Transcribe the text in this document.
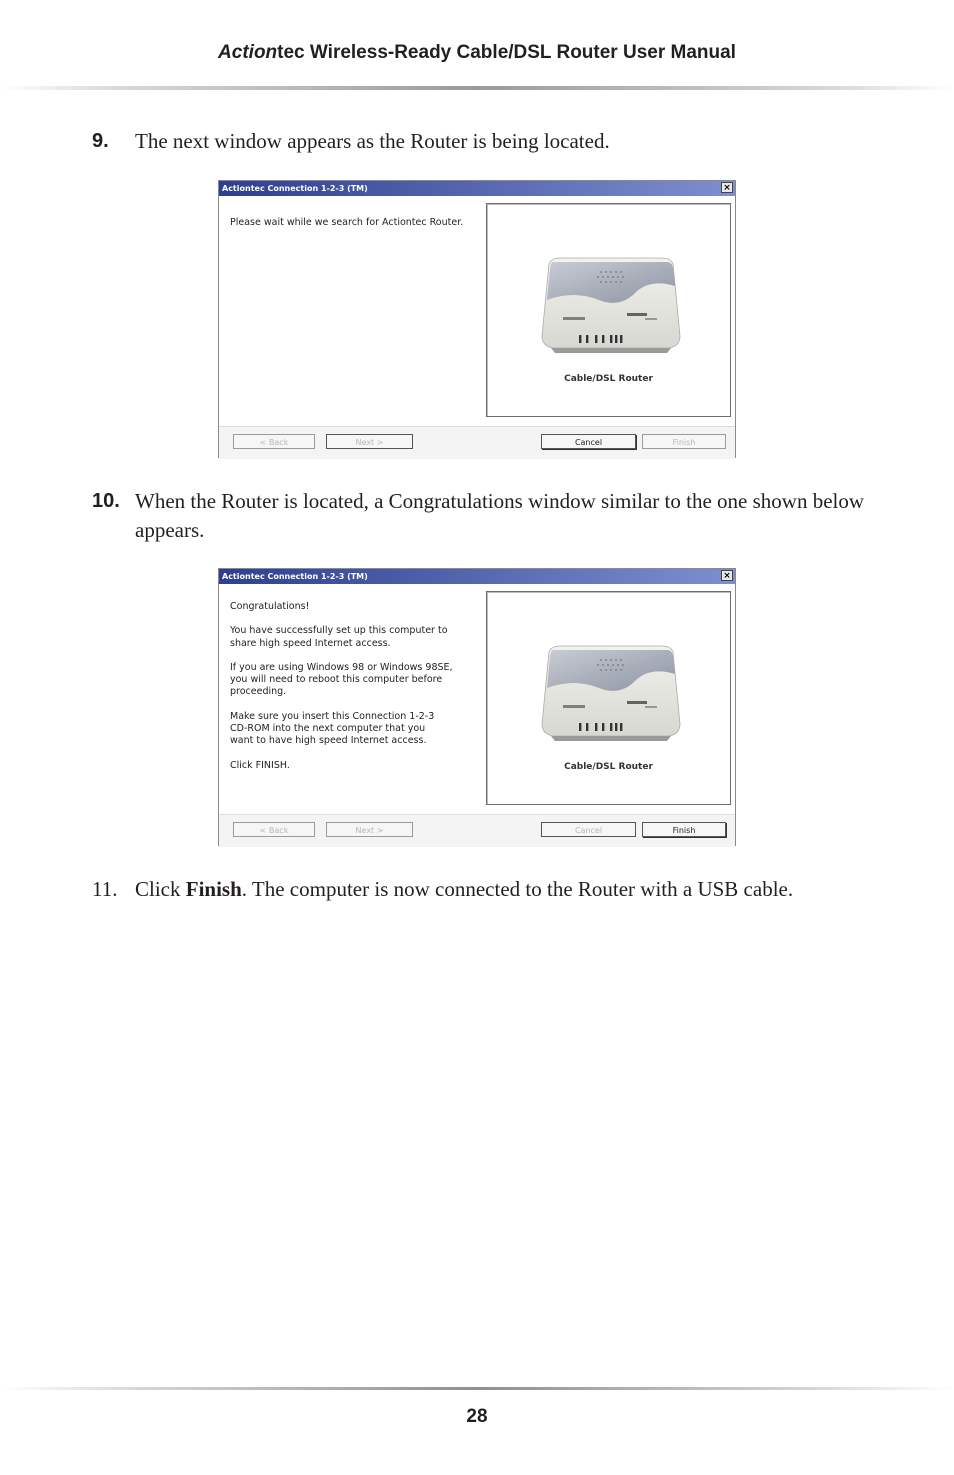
Actiontec Wireless-Ready Cable/DSL Router User Manual
9. The next window appears as the Router is being located.
Actiontec Connection 1-2-3 (TM)	×

Please wait while we search for Actiontec Router.

Cable/DSL Router
< Back	Next >	Cancel	Finish
10. When the Router is located, a Congratulations window similar to the one shown below appears.
Actiontec Connection 1-2-3 (TM)	×

Congratulations!

You have successfully set up this computer to
share high speed Internet access.

If you are using Windows 98 or Windows 98SE,
you will need to reboot this computer before
proceeding.

Make sure you insert this Connection 1-2-3
CD-ROM into the next computer that you
want to have high speed Internet access.

Click FINISH.	Cable/DSL Router
< Back	Next >	Cancel	Finish
11. Click Finish. The computer is now connected to the Router with a USB cable.
28
